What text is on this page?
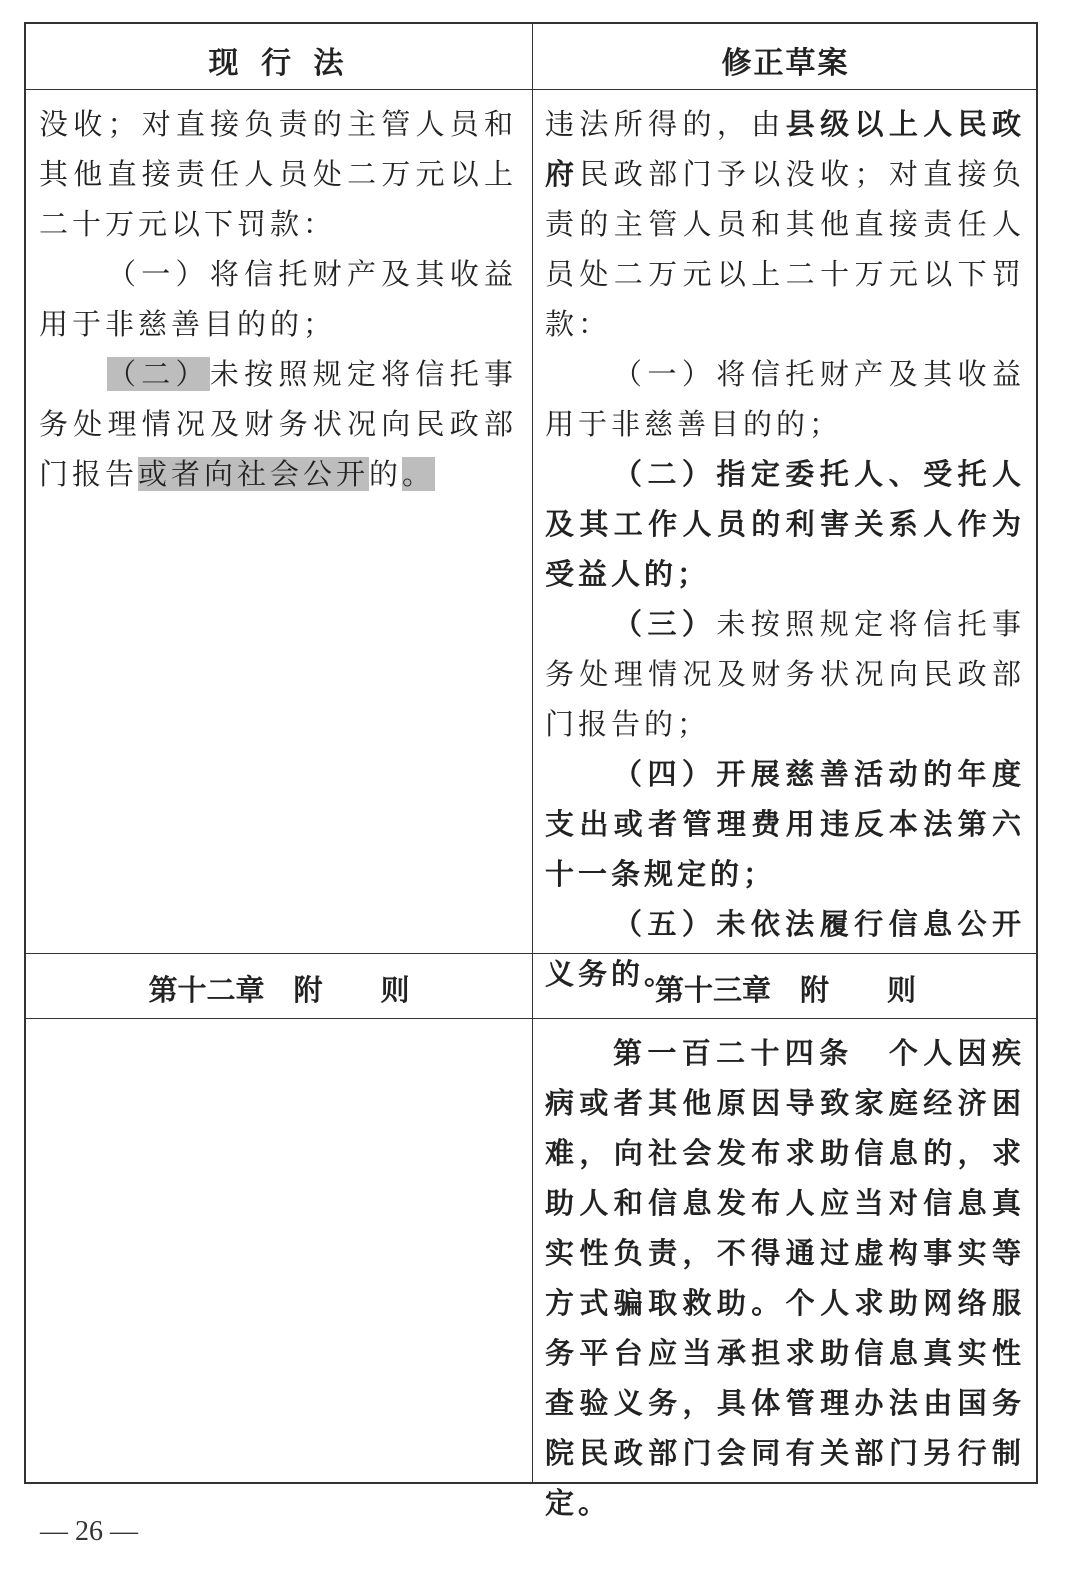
现 行 法	修正草案

没收；对直接负责的主管人员和其他直接责任人员处二万元以上二十万元以下罚款：

（一）将信托财产及其收益用于非慈善目的的；

（二）未按照规定将信托事务处理情况及财务状况向民政部门报告或者向社会公开的。

违法所得的，由县级以上人民政府民政部门予以没收；对直接负责的主管人员和其他直接责任人员处二万元以上二十万元以下罚款：

（一）将信托财产及其收益用于非慈善目的的；

（二）指定委托人、受托人及其工作人员的利害关系人作为受益人的；

（三）未按照规定将信托事务处理情况及财务状况向民政部门报告的；

（四）开展慈善活动的年度支出或者管理费用违反本法第六十一条规定的；

（五）未依法履行信息公开义务的。

第十二章　附　　则	第十三章　附　　则

第一百二十四条 个人因疾病或者其他原因导致家庭经济困难，向社会发布求助信息的，求助人和信息发布人应当对信息真实性负责，不得通过虚构事实等方式骗取救助。个人求助网络服务平台应当承担求助信息真实性查验义务，具体管理办法由国务院民政部门会同有关部门另行制定。

— 26 —
